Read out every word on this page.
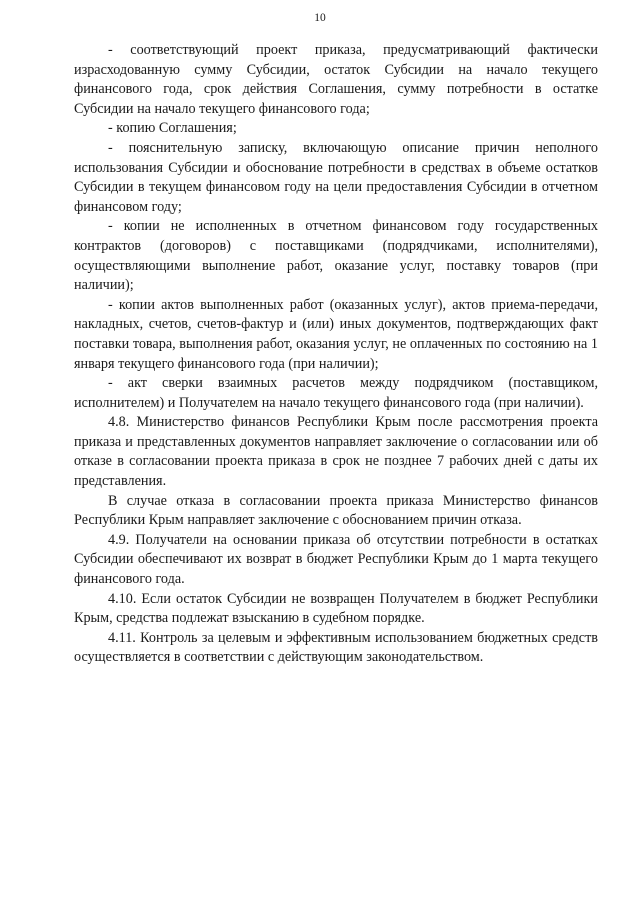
10

- соответствующий проект приказа, предусматривающий фактически израсходованную сумму Субсидии, остаток Субсидии на начало текущего финансового года, срок действия Соглашения, сумму потребности в остатке Субсидии на начало текущего финансового года;

- копию Соглашения;

- пояснительную записку, включающую описание причин неполного использования Субсидии и обоснование потребности в средствах в объеме остатков Субсидии в текущем финансовом году на цели предоставления Субсидии в отчетном финансовом году;

- копии не исполненных в отчетном финансовом году государственных контрактов (договоров) с поставщиками (подрядчиками, исполнителями), осуществляющими выполнение работ, оказание услуг, поставку товаров (при наличии);

- копии актов выполненных работ (оказанных услуг), актов приема-передачи, накладных, счетов, счетов-фактур и (или) иных документов, подтверждающих факт поставки товара, выполнения работ, оказания услуг, не оплаченных по состоянию на 1 января текущего финансового года (при наличии);

- акт сверки взаимных расчетов между подрядчиком (поставщиком, исполнителем) и Получателем на начало текущего финансового года (при наличии).

4.8. Министерство финансов Республики Крым после рассмотрения проекта приказа и представленных документов направляет заключение о согласовании или об отказе в согласовании проекта приказа в срок не позднее 7 рабочих дней с даты их представления.

В случае отказа в согласовании проекта приказа Министерство финансов Республики Крым направляет заключение с обоснованием причин отказа.

4.9. Получатели на основании приказа об отсутствии потребности в остатках Субсидии обеспечивают их возврат в бюджет Республики Крым до 1 марта текущего финансового года.

4.10. Если остаток Субсидии не возвращен Получателем в бюджет Республики Крым, средства подлежат взысканию в судебном порядке.

4.11. Контроль за целевым и эффективным использованием бюджетных средств осуществляется в соответствии с действующим законодательством.
